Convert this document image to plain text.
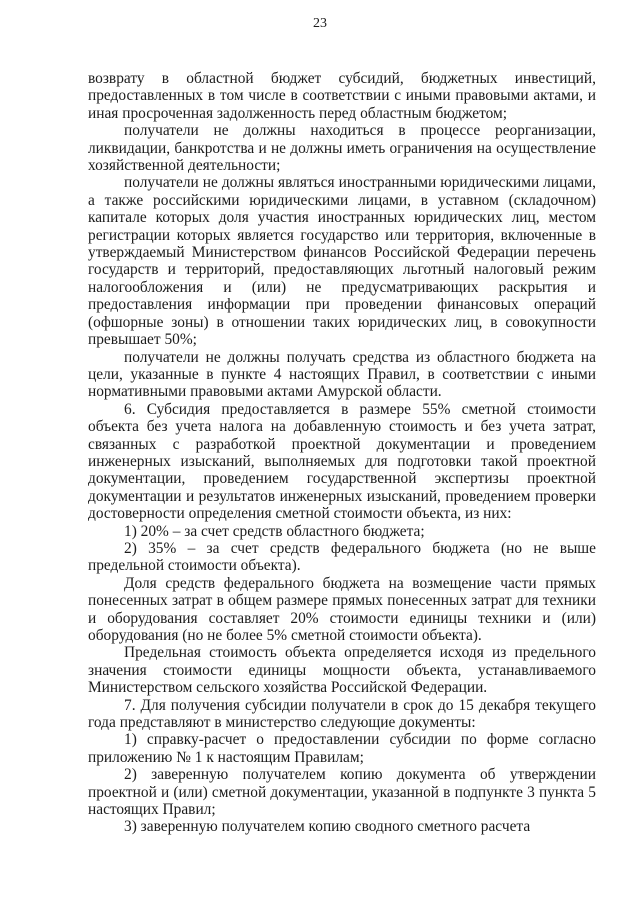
23

возврату в областной бюджет субсидий, бюджетных инвестиций, предоставленных в том числе в соответствии с иными правовыми актами, и иная просроченная задолженность перед областным бюджетом;

получатели не должны находиться в процессе реорганизации, ликвидации, банкротства и не должны иметь ограничения на осуществление хозяйственной деятельности;

получатели не должны являться иностранными юридическими лицами, а также российскими юридическими лицами, в уставном (складочном) капитале которых доля участия иностранных юридических лиц, местом регистрации которых является государство или территория, включенные в утверждаемый Министерством финансов Российской Федерации перечень государств и территорий, предоставляющих льготный налоговый режим налогообложения и (или) не предусматривающих раскрытия и предоставления информации при проведении финансовых операций (офшорные зоны) в отношении таких юридических лиц, в совокупности превышает 50%;

получатели не должны получать средства из областного бюджета на цели, указанные в пункте 4 настоящих Правил, в соответствии с иными нормативными правовыми актами Амурской области.

6. Субсидия предоставляется в размере 55% сметной стоимости объекта без учета налога на добавленную стоимость и без учета затрат, связанных с разработкой проектной документации и проведением инженерных изысканий, выполняемых для подготовки такой проектной документации, проведением государственной экспертизы проектной документации и результатов инженерных изысканий, проведением проверки достоверности определения сметной стоимости объекта, из них:

1) 20% – за счет средств областного бюджета;

2) 35% – за счет средств федерального бюджета (но не выше предельной стоимости объекта).

Доля средств федерального бюджета на возмещение части прямых понесенных затрат в общем размере прямых понесенных затрат для техники и оборудования составляет 20% стоимости единицы техники и (или) оборудования (но не более 5% сметной стоимости объекта).

Предельная стоимость объекта определяется исходя из предельного значения стоимости единицы мощности объекта, устанавливаемого Министерством сельского хозяйства Российской Федерации.

7. Для получения субсидии получатели в срок до 15 декабря текущего года представляют в министерство следующие документы:

1) справку-расчет о предоставлении субсидии по форме согласно приложению № 1 к настоящим Правилам;

2) заверенную получателем копию документа об утверждении проектной и (или) сметной документации, указанной в подпункте 3 пункта 5 настоящих Правил;

3) заверенную получателем копию сводного сметного расчета
